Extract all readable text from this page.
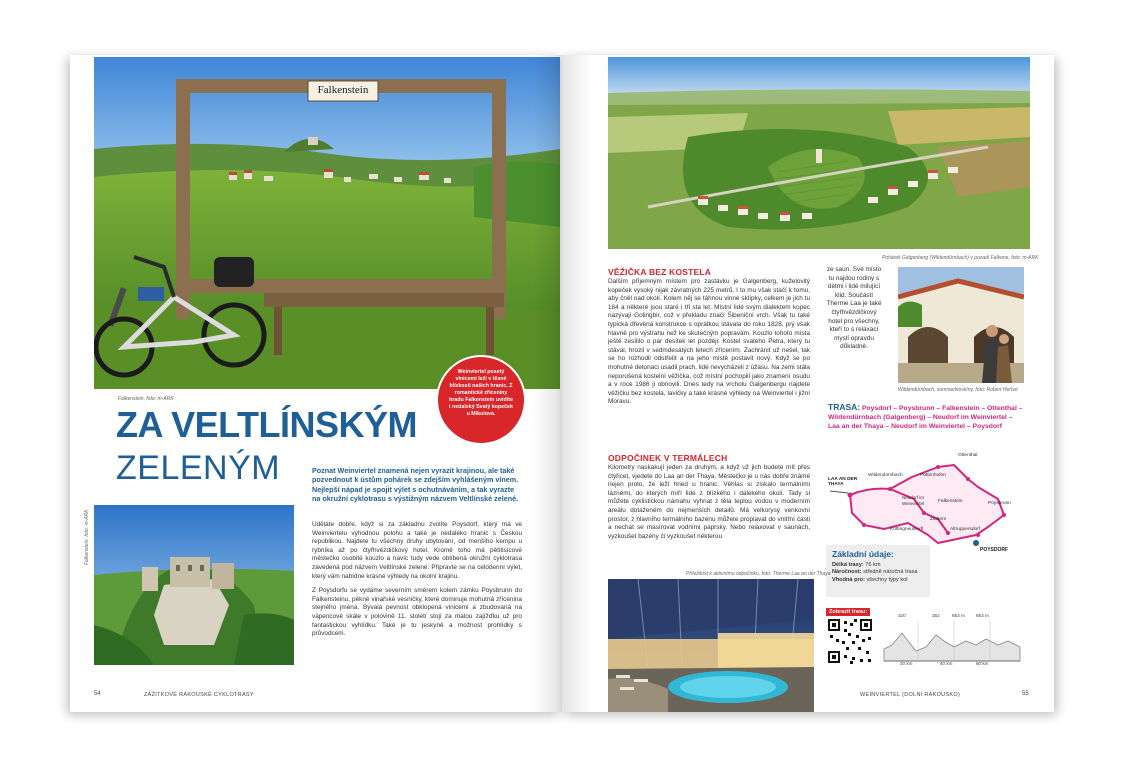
Falkenstein
Falkenstein, foto: m-ARK
Weinviertel posetý vinicemi leží v těsné blízkosti našich hranic. Z romantické zříceniny hradu Falkenstein uvidíte i nedaleký Svatý kopeček u Mikulova.
ZA VELTLÍNSKÝM
ZELENÝM	Poznat Weinviertel znamená nejen vyrazit krajinou, ale také pozvednout k ústům pohárek se zdejším vyhlášeným vínem. Nejlepší nápad je spojit výlet s ochutnáváním, a tak vyrazte na okružní cyklotrasu s výstižným názvem Veltlínské zelené.
Falkenstein, foto: m-ARK	Uděláte dobře, když si za základnu zvolíte Poysdorf, který má ve Weinviertelu výhodnou polohu a také je nedaleko hranic s Českou republikou. Najdete tu všechny druhy ubytování, od menšího kempu u rybníka až po čtyřhvězdičkový hotel. Kromě toho má pětitisícové městečko osobité kouzlo a navíc tudy vede oblíbená okružní cyklotrasa zavedená pod názvem Veltlínské zelené. Připravte se na celodenní výlet, který vám nabídne krásné výhledy na okolní krajinu.

Z Poysdorfu se vydáme severním směrem kolem zámku Poysbrunn do Falkensteinu, pěkné vinařské vesničky, které dominuje mohutná zřícenina stejného jména. Bývalá pevnost obklopená vinicemi a zbudovaná na vápencové skále v polovině 11. století stojí za malou zajížďku už pro fantastickou vyhlídku. Také je tu jeskyně a možnost prohlídky s průvodcem.

54	ZÁŽITKOVÉ RAKOUSKÉ CYKLOTRASY
Pohárek Galgenberg (Wildendürnbach) v pozadí Falkone, foto: m-ARK
VĚŽIČKA BEZ KOSTELA
Dalším příjemným místem pro zastávku je Galgenberg, kuželovitý kopeček vysoký nijak závratných 225 metrů. I to mu však stačí k tomu, aby čněl nad okolí. Kolem něj se táhnou vinné sklípky, celkem je jich tu 184 a některé jsou staré i tři sta let. Místní lidé svým dialektem kopec nazývají Golingbir, což v překladu značí Šibeniční vrch. Však tu také typická dřevěná konstrukce s oprátkou stávala do roku 1828, prý však hlavně pro výstrahu než ke skutečným popravám. Kouzlo tohoto místa ještě zesílilo o pár desítek let později. Kostel svatého Petra, který tu stával, hrozil v sedmdesátých letech zřícením. Zachránit už nešel, tak se ho rozhodli odstřelit a na jeho místě postavit nový. Když se po mohutné detonaci usadil prach, lidé nevycházeli z úžasu. Na zemi stála neporušená kostelní věžička, což místní pochopili jako znamení osudu a v roce 1986 ji obnovili. Dnes tedy na vrcholu Galgenbergu najdete věžičku bez kostela, lavičky a také krásné výhledy na Weinviertel i jižní Moravu.
ODPOČINEK V TERMÁLECH
Kilometry naskakují jeden za druhým, a když už jich budete mít přes čtyřicet, vjedete do Laa an der Thaya. Městečko je u nás dobře známé nejen proto, že leží hned u hranic. Věhlas si získalo termálními lázněmi, do kterých míří lidé z blízkého i dalekého okolí. Tady si můžete cyklistickou námahu vyhnat z těla teplou vodou v moderním areálu dotaženém do nejmenších detailů. Má velkorysý venkovní prostor, z hlavního termálního bazénu můžete proplavat do vnitřní části a nechat se masírovat vodními paprsky. Nebo relaxovat v saunách, vyzkoušet bazény či vyzkoušet některou
ze saun. Své místo tu najdou rodiny s dětmi i lidé milující klid. Součástí Therme Laa je také čtyřhvězdičkový hotel pro všechny, kteří to s relaxací myslí opravdu důkladně.
Wildendürnbach, sommerkiosk/ny, foto: Robert Herbst
TRASA: Poysdorf – Poysbrunn – Falkenstein – Ottenthal – Wildendürnbach (Galgenberg) – Neudorf im Weinviertel – Laa an der Thaya – Neudorf im Weinviertel – Poysdorf
Wildendürnbach
Ottenthal
Pottenhofen
LAA AN DER THAYA
Neudorf im Weinviertel	Falkenstein	Poysbrunn
Zlabern
Kottingneusiedl	Altruppersdorf
POYSDORF
Základní údaje:
Délka trasy: 76 km
Náročnost: středně náročná trasa
Vhodná pro: všechny typy kol
Zobrazit trasu:
320	352	653 m 653 m
20 km	40 km	60 km
Příležitost k aktivnímu odpočinku, foto: Therme Laa an der Thaya
WEINVIERTEL (DOLNÍ RAKOUSKO)	55
